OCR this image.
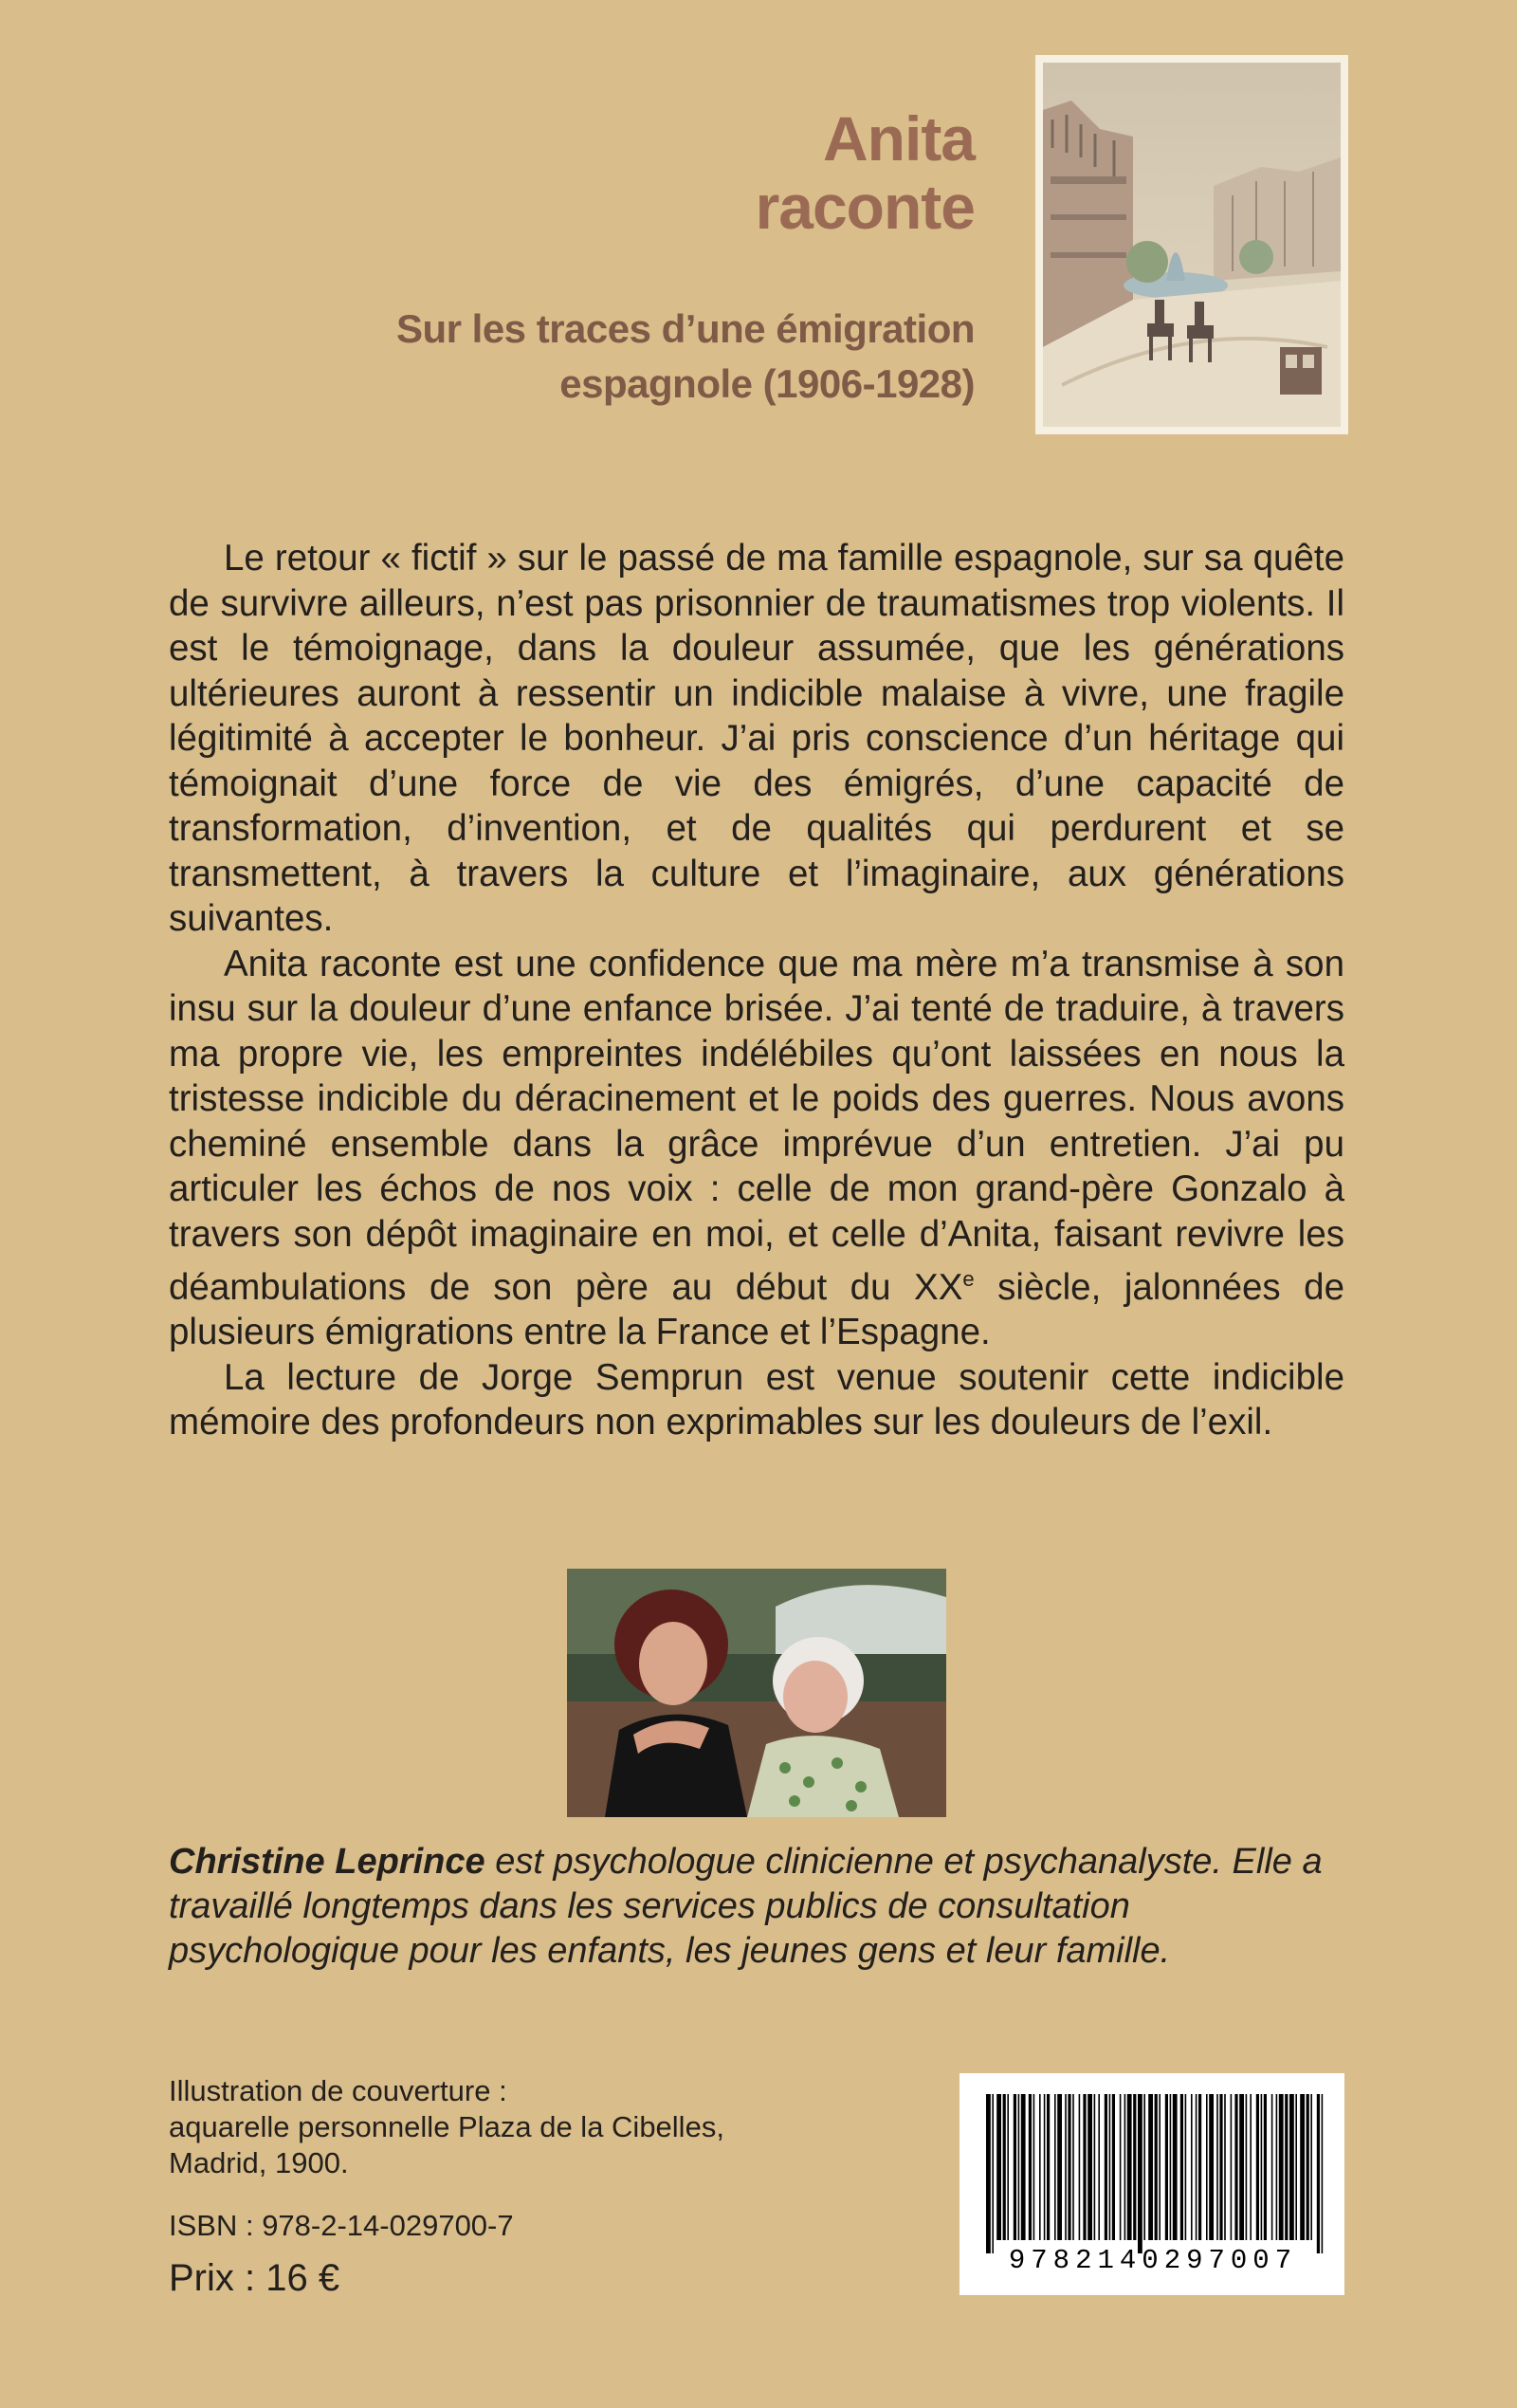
Anita
raconte
Sur les traces d’une émigration
espagnole (1906-1928)

Le retour « fictif » sur le passé de ma famille espagnole, sur sa quête de survivre ailleurs, n’est pas prisonnier de traumatismes trop violents. Il est le témoignage, dans la douleur assumée, que les générations ultérieures auront à ressentir un indicible malaise à vivre, une fragile légitimité à accepter le bonheur. J’ai pris conscience d’un héritage qui témoignait d’une force de vie des émigrés, d’une capacité de transformation, d’invention, et de qualités qui perdurent et se transmettent, à travers la culture et l’imaginaire, aux générations suivantes.

Anita raconte est une confidence que ma mère m’a transmise à son insu sur la douleur d’une enfance brisée. J’ai tenté de traduire, à travers ma propre vie, les empreintes indélébiles qu’ont laissées en nous la tristesse indicible du déracinement et le poids des guerres. Nous avons cheminé ensemble dans la grâce imprévue d’un entretien. J’ai pu articuler les échos de nos voix : celle de mon grand-père Gonzalo à travers son dépôt imaginaire en moi, et celle d’Anita, faisant revivre les déambulations de son père au début du XXe siècle, jalonnées de plusieurs émigrations entre la France et l’Espagne.

La lecture de Jorge Semprun est venue soutenir cette indicible mémoire des profondeurs non exprimables sur les douleurs de l’exil.

Christine Leprince est psychologue clinicienne et psychanalyste. Elle a travaillé longtemps dans les services publics de consultation psychologique pour les enfants, les jeunes gens et leur famille.
Illustration de couverture :
aquarelle personnelle Plaza de la Cibelles,
Madrid, 1900.
ISBN : 978-2-14-029700-7
Prix : 16 €	9782140297007
